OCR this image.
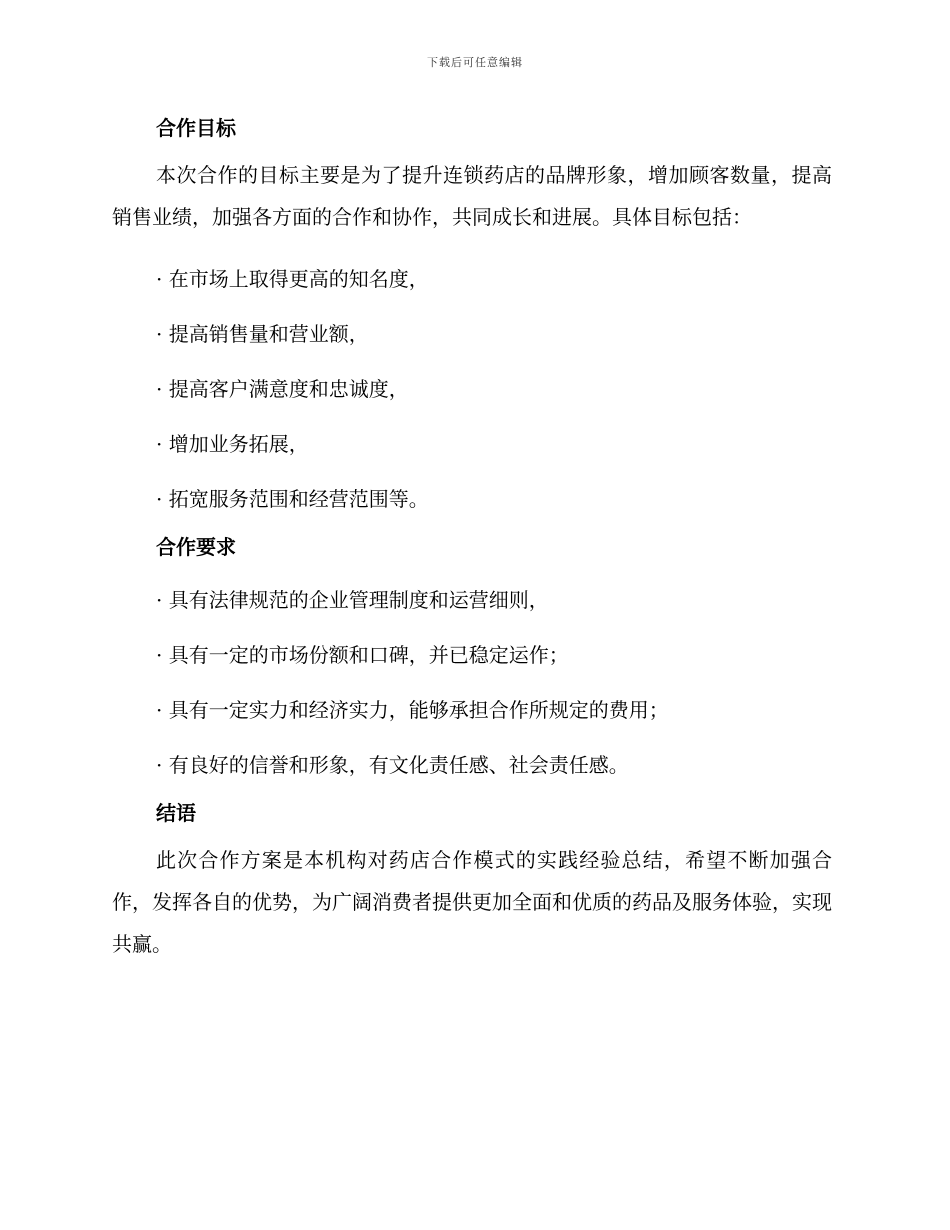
下载后可任意编辑
合作目标

本次合作的目标主要是为了提升连锁药店的品牌形象，增加顾客数量，提高销售业绩，加强各方面的合作和协作，共同成长和进展。具体目标包括：

· 在市场上取得更高的知名度，

· 提高销售量和营业额，

· 提高客户满意度和忠诚度，

· 增加业务拓展，

· 拓宽服务范围和经营范围等。

合作要求

· 具有法律规范的企业管理制度和运营细则，

· 具有一定的市场份额和口碑，并已稳定运作；

· 具有一定实力和经济实力，能够承担合作所规定的费用；

· 有良好的信誉和形象，有文化责任感、社会责任感。

结语

此次合作方案是本机构对药店合作模式的实践经验总结，希望不断加强合作，发挥各自的优势，为广阔消费者提供更加全面和优质的药品及服务体验，实现共赢。
